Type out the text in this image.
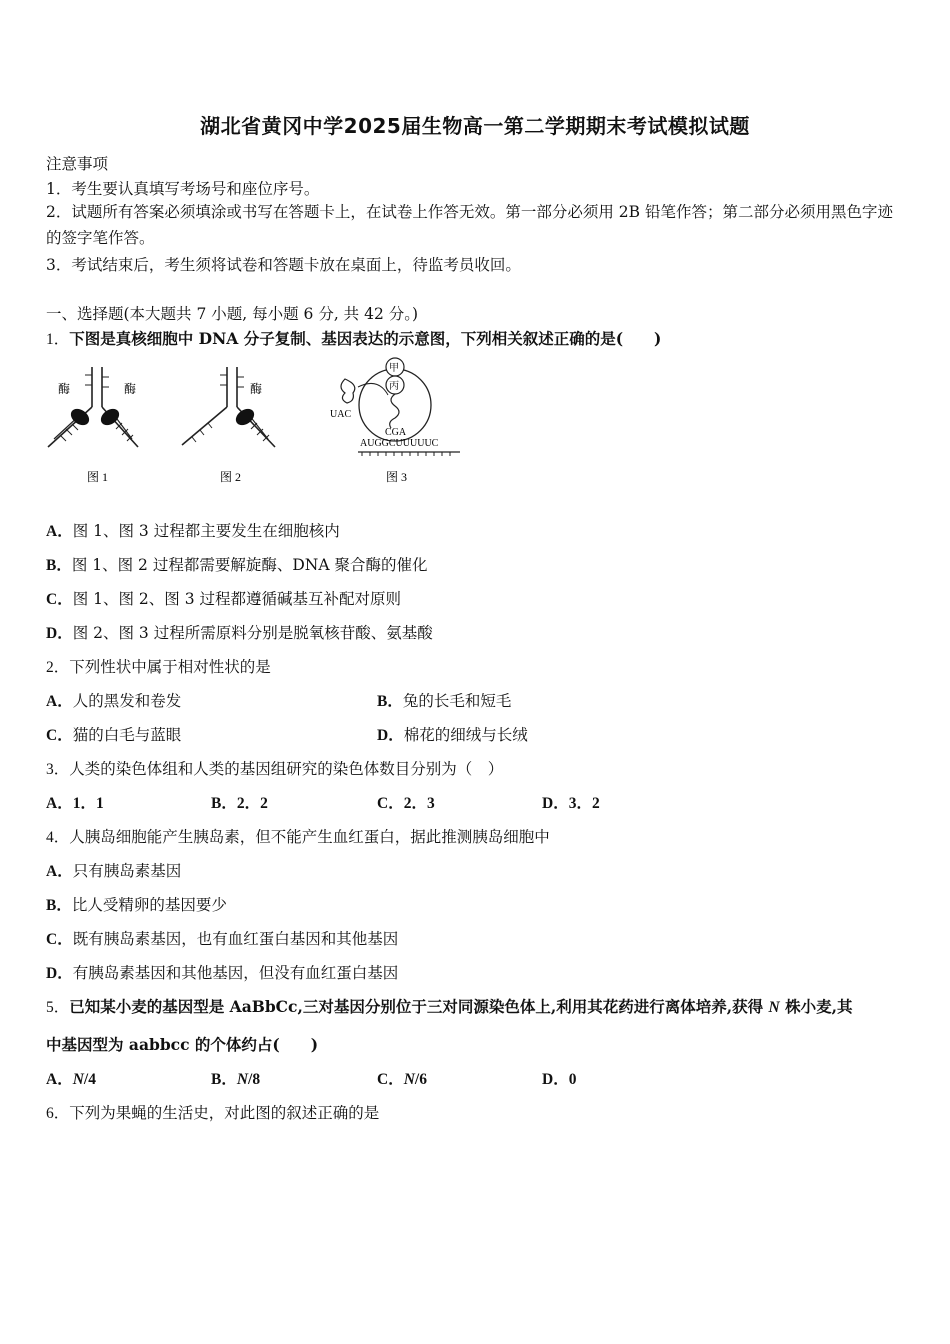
湖北省黄冈中学2025届生物高一第二学期期末考试模拟试题
注意事项
1．考生要认真填写考场号和座位序号。
2．试题所有答案必须填涂或书写在答题卡上，在试卷上作答无效。第一部分必须用 2B 铅笔作答；第二部分必须用黑色字迹的签字笔作答。
3．考试结束后，考生须将试卷和答题卡放在桌面上，待监考员收回。
一、选择题(本大题共 7 小题, 每小题 6 分, 共 42 分。)
1．下图是真核细胞中 DNA 分子复制、基因表达的示意图，下列相关叙述正确的是(　　)
酶	酶
图 1
酶
图 2
甲
丙
UAC
CGA
AUGGCUUUUUC
图 3
A．图 1、图 3 过程都主要发生在细胞核内
B．图 1、图 2 过程都需要解旋酶、DNA 聚合酶的催化
C．图 1、图 2、图 3 过程都遵循碱基互补配对原则
D．图 2、图 3 过程所需原料分别是脱氧核苷酸、氨基酸
2．下列性状中属于相对性状的是
A．人的黑发和卷发	B．兔的长毛和短毛
C．猫的白毛与蓝眼	D．棉花的细绒与长绒
3．人类的染色体组和人类的基因组研究的染色体数目分别为（　）
A．1．1	B．2．2	C．2．3	D．3．2
4．人胰岛细胞能产生胰岛素，但不能产生血红蛋白，据此推测胰岛细胞中
A．只有胰岛素基因
B．比人受精卵的基因要少
C．既有胰岛素基因，也有血红蛋白基因和其他基因
D．有胰岛素基因和其他基因，但没有血红蛋白基因
5．已知某小麦的基因型是 AaBbCc,三对基因分别位于三对同源染色体上,利用其花药进行离体培养,获得 N 株小麦,其
中基因型为 aabbcc 的个体约占(　　)
A．N/4	B．N/8	C．N/6	D．0
6．下列为果蝇的生活史，对此图的叙述正确的是
